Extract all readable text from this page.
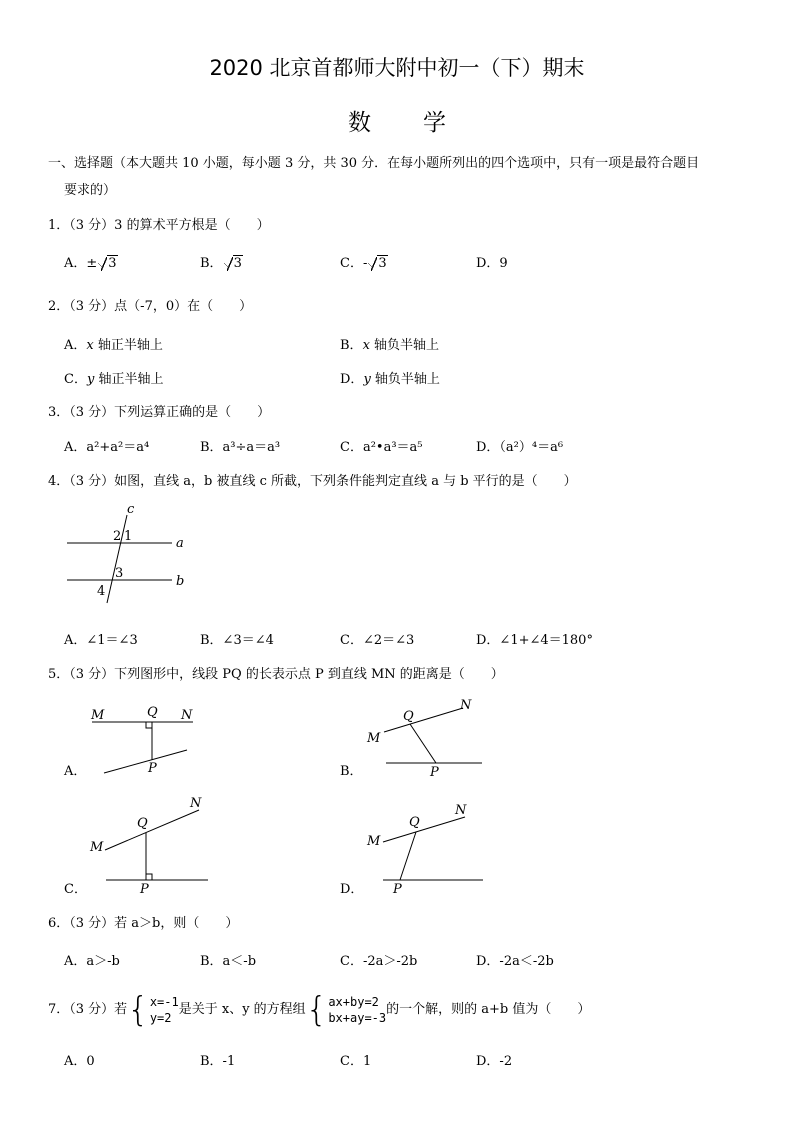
2020 北京首都师大附中初一（下）期末
数学
一、选择题（本大题共 10 小题，每小题 3 分，共 30 分．在每小题所列出的四个选项中，只有一项是最符合题目
要求的）
1．（3 分）3 的算术平方根是（　　）
A．± 3	B． 3	C．- 3	D．9
2．（3 分）点（-7，0）在（　　）
A．x 轴正半轴上	B．x 轴负半轴上
C．y 轴正半轴上	D．y 轴负半轴上
3．（3 分）下列运算正确的是（　　）
A．a²+a²＝a⁴	B．a³÷a＝a³	C．a²•a³＝a⁵	D．（a²）⁴＝a⁶
4．（3 分）如图，直线 a，b 被直线 c 所截，下列条件能判定直线 a 与 b 平行的是（　　）
c
a
b
1
2
3
4
A．∠1＝∠3	B．∠3＝∠4	C．∠2＝∠3	D．∠1+∠4＝180°
5．（3 分）下列图形中，线段 PQ 的长表示点 P 到直线 MN 的距离是（　　）
A．
M	Q N
P	B．
M
Q
N
P
C．
M
Q
N
P	D．
M
Q
N
P
6．（3 分）若 a＞b，则（　　）
A．a＞-b	B．a＜-b	C．-2a＞-2b	D．-2a＜-2b
7．（3 分）若 { x=-1
y=2
是关于 x、y 的方程组 { ax+by=2
bx+ay=-3
的一个解，则的 a+b 值为（　　）
A．0	B．-1	C．1	D．-2
